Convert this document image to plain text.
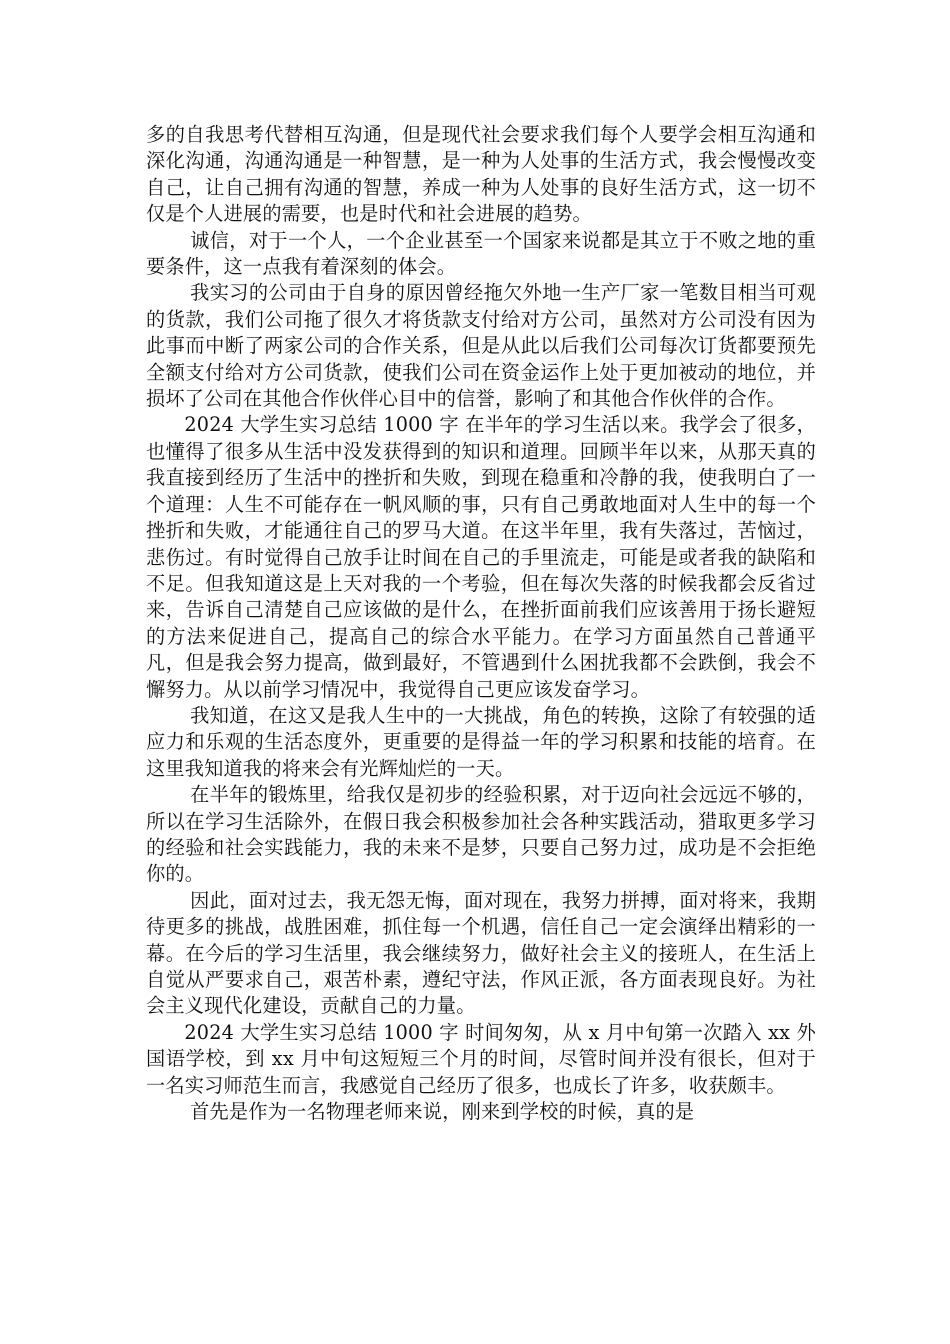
多的自我思考代替相互沟通，但是现代社会要求我们每个人要学会相互沟通和深化沟通，沟通沟通是一种智慧，是一种为人处事的生活方式，我会慢慢改变自己，让自己拥有沟通的智慧，养成一种为人处事的良好生活方式，这一切不仅是个人进展的需要，也是时代和社会进展的趋势。

诚信，对于一个人，一个企业甚至一个国家来说都是其立于不败之地的重要条件，这一点我有着深刻的体会。

我实习的公司由于自身的原因曾经拖欠外地一生产厂家一笔数目相当可观的货款，我们公司拖了很久才将货款支付给对方公司，虽然对方公司没有因为此事而中断了两家公司的合作关系，但是从此以后我们公司每次订货都要预先全额支付给对方公司货款，使我们公司在资金运作上处于更加被动的地位，并损坏了公司在其他合作伙伴心目中的信誉，影响了和其他合作伙伴的合作。

2024 大学生实习总结 1000 字 在半年的学习生活以来。我学会了很多，也懂得了很多从生活中没发获得到的知识和道理。回顾半年以来，从那天真的我直接到经历了生活中的挫折和失败，到现在稳重和冷静的我，使我明白了一个道理：人生不可能存在一帆风顺的事，只有自己勇敢地面对人生中的每一个挫折和失败，才能通往自己的罗马大道。在这半年里，我有失落过，苦恼过，悲伤过。有时觉得自己放手让时间在自己的手里流走，可能是或者我的缺陷和不足。但我知道这是上天对我的一个考验，但在每次失落的时候我都会反省过来，告诉自己清楚自己应该做的是什么，在挫折面前我们应该善用于扬长避短的方法来促进自己，提高自己的综合水平能力。在学习方面虽然自己普通平凡，但是我会努力提高，做到最好，不管遇到什么困扰我都不会跌倒，我会不懈努力。从以前学习情况中，我觉得自己更应该发奋学习。

我知道，在这又是我人生中的一大挑战，角色的转换，这除了有较强的适应力和乐观的生活态度外，更重要的是得益一年的学习积累和技能的培育。在这里我知道我的将来会有光辉灿烂的一天。

在半年的锻炼里，给我仅是初步的经验积累，对于迈向社会远远不够的，所以在学习生活除外，在假日我会积极参加社会各种实践活动，猎取更多学习的经验和社会实践能力，我的未来不是梦，只要自己努力过，成功是不会拒绝你的。

因此，面对过去，我无怨无悔，面对现在，我努力拼搏，面对将来，我期待更多的挑战，战胜困难，抓住每一个机遇，信任自己一定会演绎出精彩的一幕。在今后的学习生活里，我会继续努力，做好社会主义的接班人，在生活上自觉从严要求自己，艰苦朴素，遵纪守法，作风正派，各方面表现良好。为社会主义现代化建设，贡献自己的力量。

2024 大学生实习总结 1000 字 时间匆匆，从 x 月中旬第一次踏入 xx 外国语学校，到 xx 月中旬这短短三个月的时间，尽管时间并没有很长，但对于一名实习师范生而言，我感觉自己经历了很多，也成长了许多，收获颇丰。

首先是作为一名物理老师来说，刚来到学校的时候，真的是
